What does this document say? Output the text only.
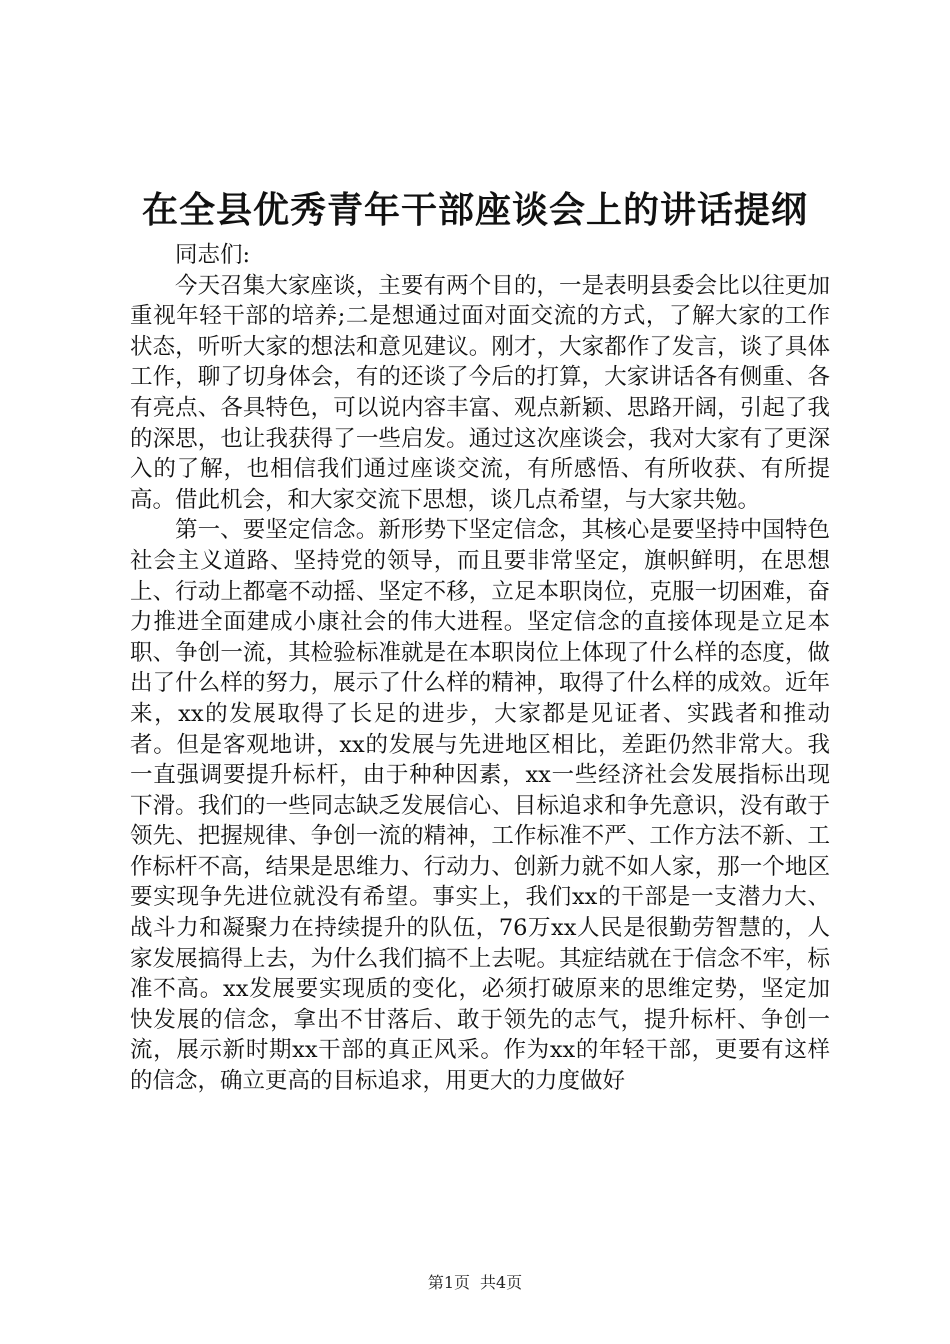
在全县优秀青年干部座谈会上的讲话提纲

同志们:

今天召集大家座谈，主要有两个目的，一是表明县委会比以往更加重视年轻干部的培养;二是想通过面对面交流的方式，了解大家的工作状态，听听大家的想法和意见建议。刚才，大家都作了发言，谈了具体工作，聊了切身体会，有的还谈了今后的打算，大家讲话各有侧重、各有亮点、各具特色，可以说内容丰富、观点新颖、思路开阔，引起了我的深思，也让我获得了一些启发。通过这次座谈会，我对大家有了更深入的了解，也相信我们通过座谈交流，有所感悟、有所收获、有所提高。借此机会，和大家交流下思想，谈几点希望，与大家共勉。

第一、要坚定信念。新形势下坚定信念，其核心是要坚持中国特色社会主义道路、坚持党的领导，而且要非常坚定，旗帜鲜明，在思想上、行动上都毫不动摇、坚定不移，立足本职岗位，克服一切困难，奋力推进全面建成小康社会的伟大进程。坚定信念的直接体现是立足本职、争创一流，其检验标准就是在本职岗位上体现了什么样的态度，做出了什么样的努力，展示了什么样的精神，取得了什么样的成效。近年来，xx的发展取得了长足的进步，大家都是见证者、实践者和推动者。但是客观地讲，xx的发展与先进地区相比，差距仍然非常大。我一直强调要提升标杆，由于种种因素，xx一些经济社会发展指标出现下滑。我们的一些同志缺乏发展信心、目标追求和争先意识，没有敢于领先、把握规律、争创一流的精神，工作标准不严、工作方法不新、工作标杆不高，结果是思维力、行动力、创新力就不如人家，那一个地区要实现争先进位就没有希望。事实上，我们xx的干部是一支潜力大、战斗力和凝聚力在持续提升的队伍，76万xx人民是很勤劳智慧的，人家发展搞得上去，为什么我们搞不上去呢。其症结就在于信念不牢，标准不高。xx发展要实现质的变化，必须打破原来的思维定势，坚定加快发展的信念，拿出不甘落后、敢于领先的志气，提升标杆、争创一流，展示新时期xx干部的真正风采。作为xx的年轻干部，更要有这样的信念，确立更高的目标追求，用更大的力度做好

第1页 共4页
